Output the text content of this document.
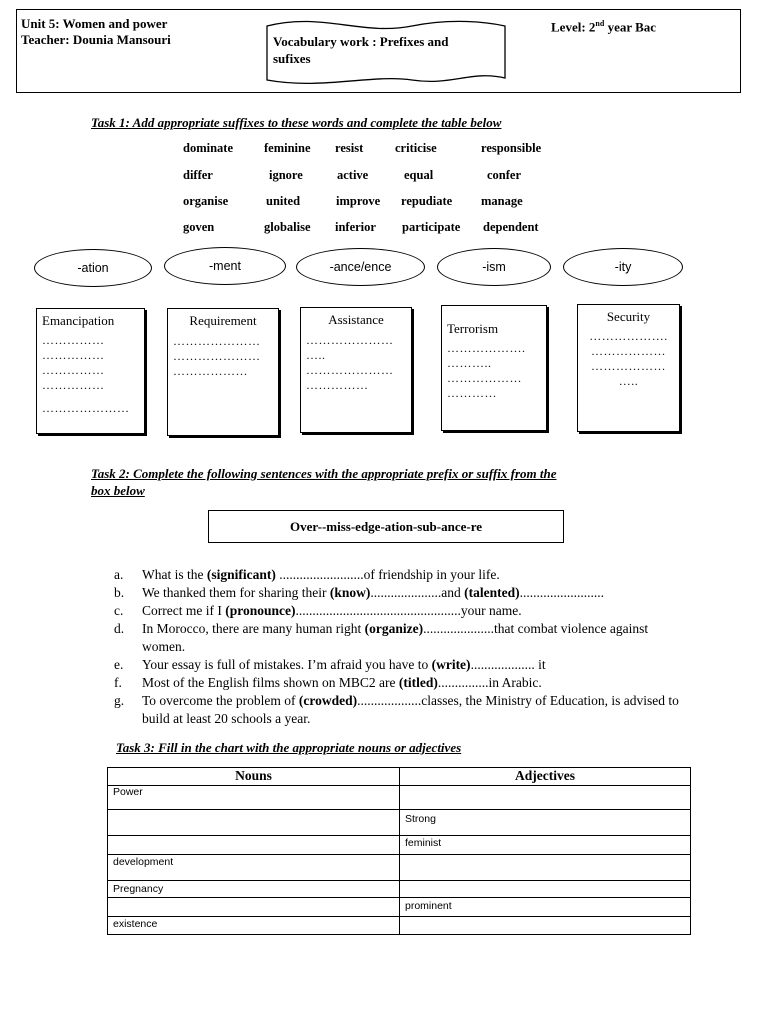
Unit 5: Women and power
Teacher: Dounia Mansouri
Level: 2nd year Bac
Vocabulary work : Prefixes and
sufixes
Task 1: Add appropriate suffixes to these words and complete the table below
dominate feminine resist	criticise	responsible
differ	ignore	active	equal	confer
organise	united	improve repudiate manage
goven	globalise inferior participate dependent
-ation	-ment	-ance/ence	-ism	-ity
Emancipation
……………
……………
……………
……………
…………………
Requirement
…………………
…………………
………………
Assistance
…………………
…..
…………………
……………
Terrorism
……………….
………..
………………
…………
Security
……………….
………………
………………
…..
Task 2: Complete the following sentences with the appropriate prefix or suffix from the
box below
Over--miss-edge-ation-sub-ance-re
a.	What is the (significant) .........................of friendship in your life.
b.	We thanked them for sharing their (know).....................and (talented).........................
c.	Correct me if I (pronounce).................................................your name.
d.	In Morocco, there are many human right (organize).....................that combat violence against women.
e.	Your essay is full of mistakes. I’m afraid you have to (write)................... it
f.	Most of the English films shown on MBC2 are (titled)...............in Arabic.
g.	To overcome the problem of (crowded)...................classes, the Ministry of Education, is advised to build at least 20 schools a year.
Task 3: Fill in the chart with the appropriate nouns or adjectives
Nouns	Adjectives
Power	
	Strong
	feminist
development	
Pregnancy	
	prominent
existence	
